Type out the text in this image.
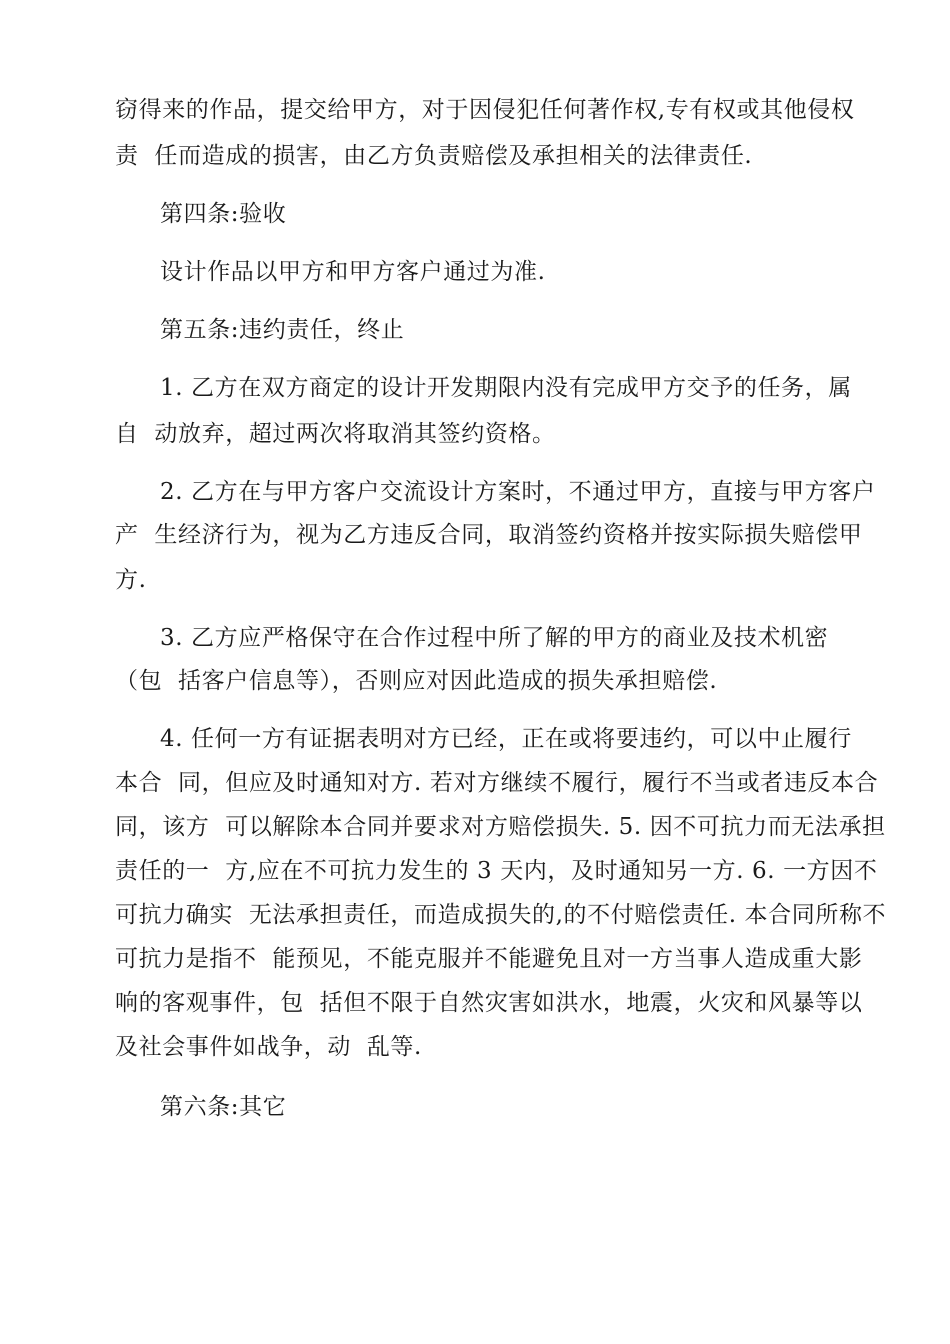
窃得来的作品，提交给甲方，对于因侵犯任何著作权,专有权或其他侵权
责  任而造成的损害，由乙方负责赔偿及承担相关的法律责任.
第四条:验收
设计作品以甲方和甲方客户通过为准.
第五条:违约责任，终止
1. 乙方在双方商定的设计开发期限内没有完成甲方交予的任务，属
自  动放弃，超过两次将取消其签约资格。
2. 乙方在与甲方客户交流设计方案时，不通过甲方，直接与甲方客户
产  生经济行为，视为乙方违反合同，取消签约资格并按实际损失赔偿甲
方.
3. 乙方应严格保守在合作过程中所了解的甲方的商业及技术机密
（包  括客户信息等），否则应对因此造成的损失承担赔偿.
4. 任何一方有证据表明对方已经，正在或将要违约，可以中止履行
本合  同，但应及时通知对方. 若对方继续不履行，履行不当或者违反本合
同，该方  可以解除本合同并要求对方赔偿损失. 5. 因不可抗力而无法承担
责任的一  方,应在不可抗力发生的 3 天内，及时通知另一方. 6. 一方因不
可抗力确实  无法承担责任，而造成损失的,的不付赔偿责任. 本合同所称不
可抗力是指不  能预见，不能克服并不能避免且对一方当事人造成重大影
响的客观事件，包  括但不限于自然灾害如洪水，地震，火灾和风暴等以
及社会事件如战争，动  乱等.
第六条:其它
